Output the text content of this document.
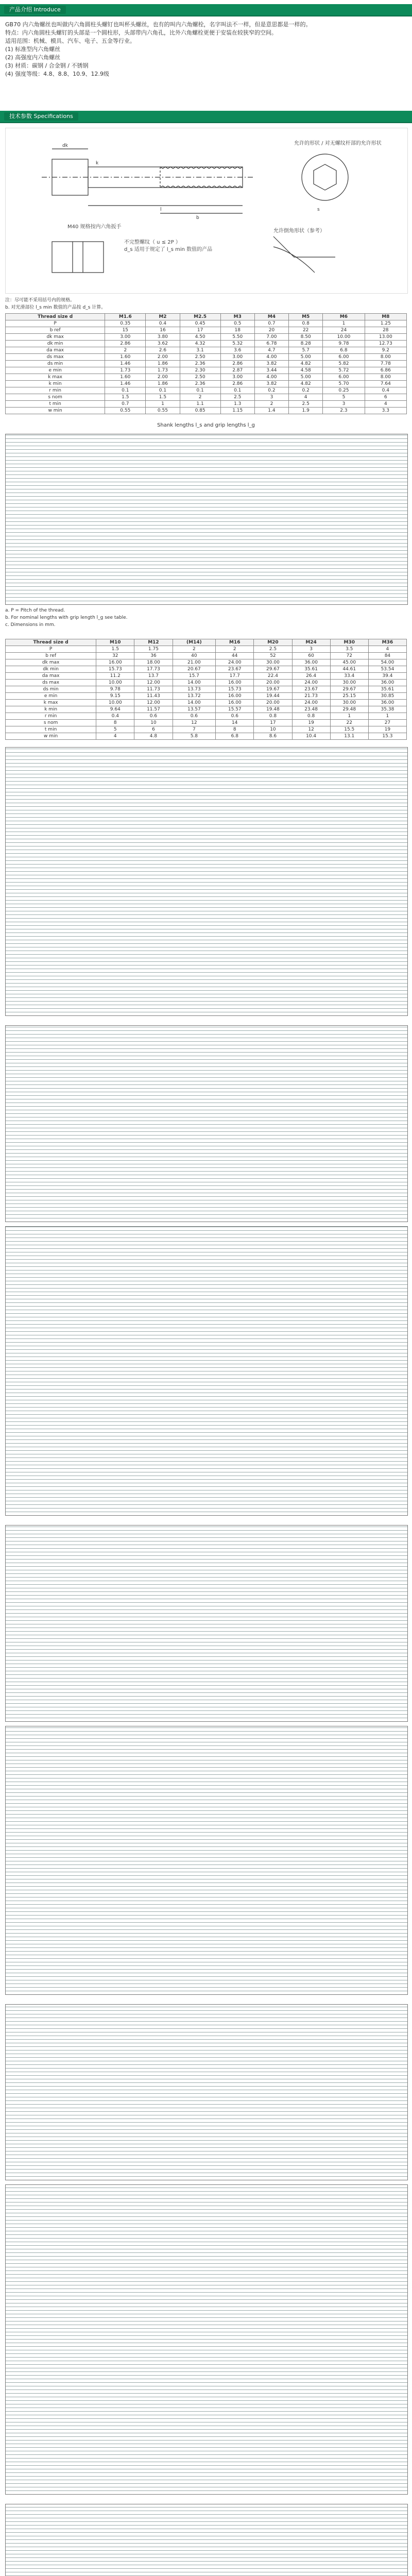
产品介绍 Introduce

GB70 内六角螺丝也叫做内六角圆柱头螺钉也叫杯头螺丝，也有的叫内六角螺栓，名字叫法不一样，但是意思都是一样的。

特点：内六角圆柱头螺钉的头部是一个圆柱形，头部带内六角孔，比外六角螺栓更便于安装在较狭窄的空间。

适用范围：机械、模具、汽车、电子、五金等行业。

(1) 标准型内六角螺丝

(2) 高强度内六角螺丝

(3) 材质：碳钢 / 合金钢 / 不锈钢

(4) 强度等级：4.8、8.8、10.9、12.9级

技术参数 Specifications
dk
l
b
s
k
M40 规格按内六角扳手
允许的形状 / 对无螺纹杆部的允许形状
不完整螺纹（ u ≤ 2P ）
d_s 适用于规定了 l_s min 数值的产品
允许倒角形状（参考）
注：尽可能不采用括号内的规格。
b. 对光滑部位 l_s min 数值的产品按 d_s 计算。
Thread size d	M1.6	M2	M2.5	M3	M4	M5	M6	M8
P	0.35	0.4	0.45	0.5	0.7	0.8	1	1.25
b ref	15	16	17	18	20	22	24	28
dk max	3.00	3.80	4.50	5.50	7.00	8.50	10.00	13.00
dk min	2.86	3.62	4.32	5.32	6.78	8.28	9.78	12.73
da max	2	2.6	3.1	3.6	4.7	5.7	6.8	9.2
ds max	1.60	2.00	2.50	3.00	4.00	5.00	6.00	8.00
ds min	1.46	1.86	2.36	2.86	3.82	4.82	5.82	7.78
e min	1.73	1.73	2.30	2.87	3.44	4.58	5.72	6.86
k max	1.60	2.00	2.50	3.00	4.00	5.00	6.00	8.00
k min	1.46	1.86	2.36	2.86	3.82	4.82	5.70	7.64
r min	0.1	0.1	0.1	0.1	0.2	0.2	0.25	0.4
s nom	1.5	1.5	2	2.5	3	4	5	6
t min	0.7	1	1.1	1.3	2	2.5	3	4
w min	0.55	0.55	0.85	1.15	1.4	1.9	2.3	3.3
Shank lengths l_s and grip lengths l_g
a. P = Pitch of the thread.
b. For nominal lengths with grip length l_g see table.
c. Dimensions in mm.
Thread size d	M10	M12	(M14)	M16	M20	M24	M30	M36
P	1.5	1.75	2	2	2.5	3	3.5	4
b ref	32	36	40	44	52	60	72	84
dk max	16.00	18.00	21.00	24.00	30.00	36.00	45.00	54.00
dk min	15.73	17.73	20.67	23.67	29.67	35.61	44.61	53.54
da max	11.2	13.7	15.7	17.7	22.4	26.4	33.4	39.4
ds max	10.00	12.00	14.00	16.00	20.00	24.00	30.00	36.00
ds min	9.78	11.73	13.73	15.73	19.67	23.67	29.67	35.61
e min	9.15	11.43	13.72	16.00	19.44	21.73	25.15	30.85
k max	10.00	12.00	14.00	16.00	20.00	24.00	30.00	36.00
k min	9.64	11.57	13.57	15.57	19.48	23.48	29.48	35.38
r min	0.4	0.6	0.6	0.6	0.8	0.8	1	1
s nom	8	10	12	14	17	19	22	27
t min	5	6	7	8	10	12	15.5	19
w min	4	4.8	5.8	6.8	8.6	10.4	13.1	15.3
